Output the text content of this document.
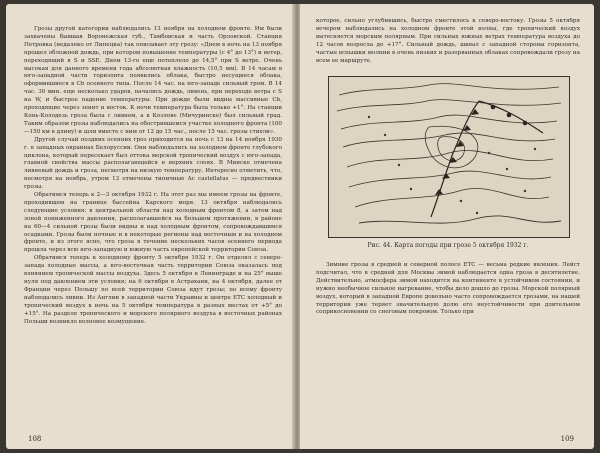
Грозы другой категории наблюдались 13 ноября на холодном фронте. Им были захвачены бывшая Воронежская губ., Тамбовская и часть Орловской. Станция Петровка (недалеко от Липецка) так описывает эту грозу: «Днем в ночь на 13 ноября прошел обложной дождь, при котором повышение температуры (с 4° до 13°) и ветер, переходящий в S и SSE. Днем 13-го еще потеплело до 14,5° при S ветре. Очень высокая для данного времени года абсолютная влажность (10,5 мм). В 14 часам в юго-западной части горизонта появились облака, быстро несущиеся облака, оформившиеся в Cb осеннего типа. После 14 час. на юго-западе сильный гром. В 14 час. 30 мин. еще несколько ударов, начались дождь, ливень, при переходе ветра с S на W, и быстрое падение температуры. При дожде были видны массивные Cb, проходящие через зенит и восток. К ночи температура была только +1°. На станции Конь-Колодезь гроза была с ливнем, а в Козлове (Мичуринске) был сильный град. Таким образом грозы наблюдались на обострившемся участке холодного фронта (100—150 км в длину) и шли вместе с ним от 12 до 15 час., после 15 час. грозы стихли».

Другой случай поздних осенних гроз приходится на ночь с 13 на 14 ноября 1930 г. в западных окраинах Белоруссии. Они наблюдались на холодном фронте глубокого циклона, который пересекает был оттока морской тропический воздух с юго-запада, главной свойства массы располагающейся в верхних слоях. В Минске отмечена ливневый дождь и гроза, несмотря на низкую температуру. Интересно отметить, что, несмотря на ноябрь, утром 13 отмечены типичные Ac castellatus — предвестники грозы.

Обратимся теперь к 2—3 октября 1932 г. На этот раз мы имеем грозы на фронте, проходившем на границе бассейна Карского моря. 13 октября наблюдались следующие условия: в центральной области над холодным фронтом 8, а затем над зоной пониженного давления, располагавшейся на большом протяжении, в районе на 60—4 сильной грозы были видны и над холодным фронтом, сопровождавшимся осадками. Грозы были ночные и в некоторые регионы над восточным и на холодном фронте, и из этого ясно, что гроза в течение нескольких часов осеннего периода прошла через всю юго-западную и южную часть европейской территории Союза.

Обратимся теперь к холодному фронту 5 октября 1932 г. Он отделял с северо-запада холодные массы, а юго-восточная часть территории Союза оказалась под влиянием тропической массы воздуха. Здесь 5 октября в Ленинграде и на 25° выше нуля под давлением эти условия; на 6 октября в Астрахани, на 4 октября, далее от Франции через Польшу по всей территории Союза идут грозы; по всему фронту наблюдались ливни. Из Англии в западной части Украины и центре ЕТС холодный и тропический воздух в ночь на 5 октября температура в разных местах от +5° до +15°. На разделе тропического и морского полярного воздуха в восточных районах Польши возникло волновое возмущение.

108

которое, сильно углубившись, быстро сместилось к северо-востоку. Грозы 5 октября вечером наблюдались на холодном фронте этой волны, где тропический воздух вытесняется морским полярным. При сильных южных ветрах температура воздуха до 12 часов возросла до +17°. Сильный дождь, шквал с западной стороны горизонта, частые вспышки молнии в очень низких и разорванных облаках сопровождали грозу на всем ее маршруте.

Рис. 44. Карта погоды при грозе 5 октября 1932 г.

Зимние грозы в средней и северной полосе ЕТС — весьма редкие явления. Лейст подсчитал, что в средней для Москвы зимой наблюдается одна гроза в десятилетие. Действительно, атмосфера зимой находится на континенте в устойчивом состоянии, и нужно необычное сильное нагревание, чтобы дело дошло до грозы. Морской полярный воздух, который в западной Европе довольно часто сопровождается грозами, на нашей территории уже теряет значительную долю его неустойчивости при длительном соприкосновении со снеговым покровом. Только при

109
